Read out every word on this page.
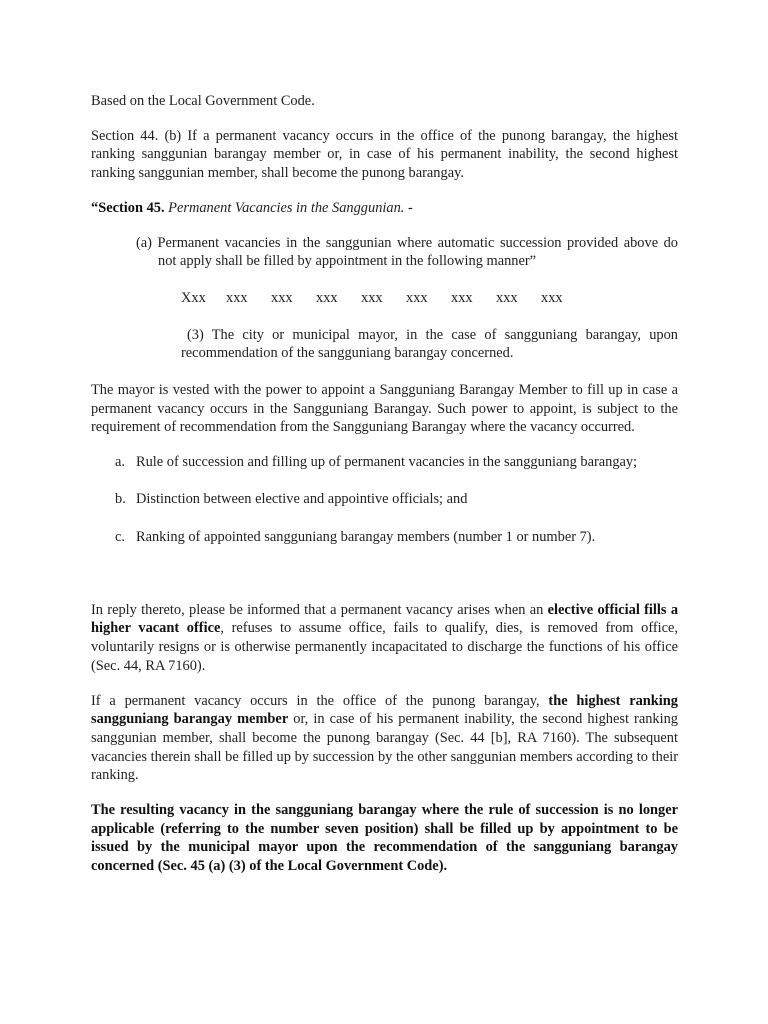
Based on the Local Government Code.

Section 44. (b) If a permanent vacancy occurs in the office of the punong barangay, the highest ranking sanggunian barangay member or, in case of his permanent inability, the second highest ranking sanggunian member, shall become the punong barangay.

“Section 45. Permanent Vacancies in the Sanggunian. -

(a) Permanent vacancies in the sanggunian where automatic succession provided above do not apply shall be filled by appointment in the following manner”

Xxx	xxx	xxx	xxx	xxx	xxx	xxx	xxx	xxx

(3) The city or municipal mayor, in the case of sangguniang barangay, upon recommendation of the sangguniang barangay concerned.

The mayor is vested with the power to appoint a Sangguniang Barangay Member to fill up in case a permanent vacancy occurs in the Sangguniang Barangay. Such power to appoint, is subject to the requirement of recommendation from the Sangguniang Barangay where the vacancy occurred.

a. Rule of succession and filling up of permanent vacancies in the sangguniang barangay;
b. Distinction between elective and appointive officials; and
c. Ranking of appointed sangguniang barangay members (number 1 or number 7).

In reply thereto, please be informed that a permanent vacancy arises when an elective official fills a higher vacant office, refuses to assume office, fails to qualify, dies, is removed from office, voluntarily resigns or is otherwise permanently incapacitated to discharge the functions of his office (Sec. 44, RA 7160).

If a permanent vacancy occurs in the office of the punong barangay, the highest ranking sangguniang barangay member or, in case of his permanent inability, the second highest ranking sanggunian member, shall become the punong barangay (Sec. 44 [b], RA 7160). The subsequent vacancies therein shall be filled up by succession by the other sanggunian members according to their ranking.

The resulting vacancy in the sangguniang barangay where the rule of succession is no longer applicable (referring to the number seven position) shall be filled up by appointment to be issued by the municipal mayor upon the recommendation of the sangguniang barangay concerned (Sec. 45 (a) (3) of the Local Government Code).
